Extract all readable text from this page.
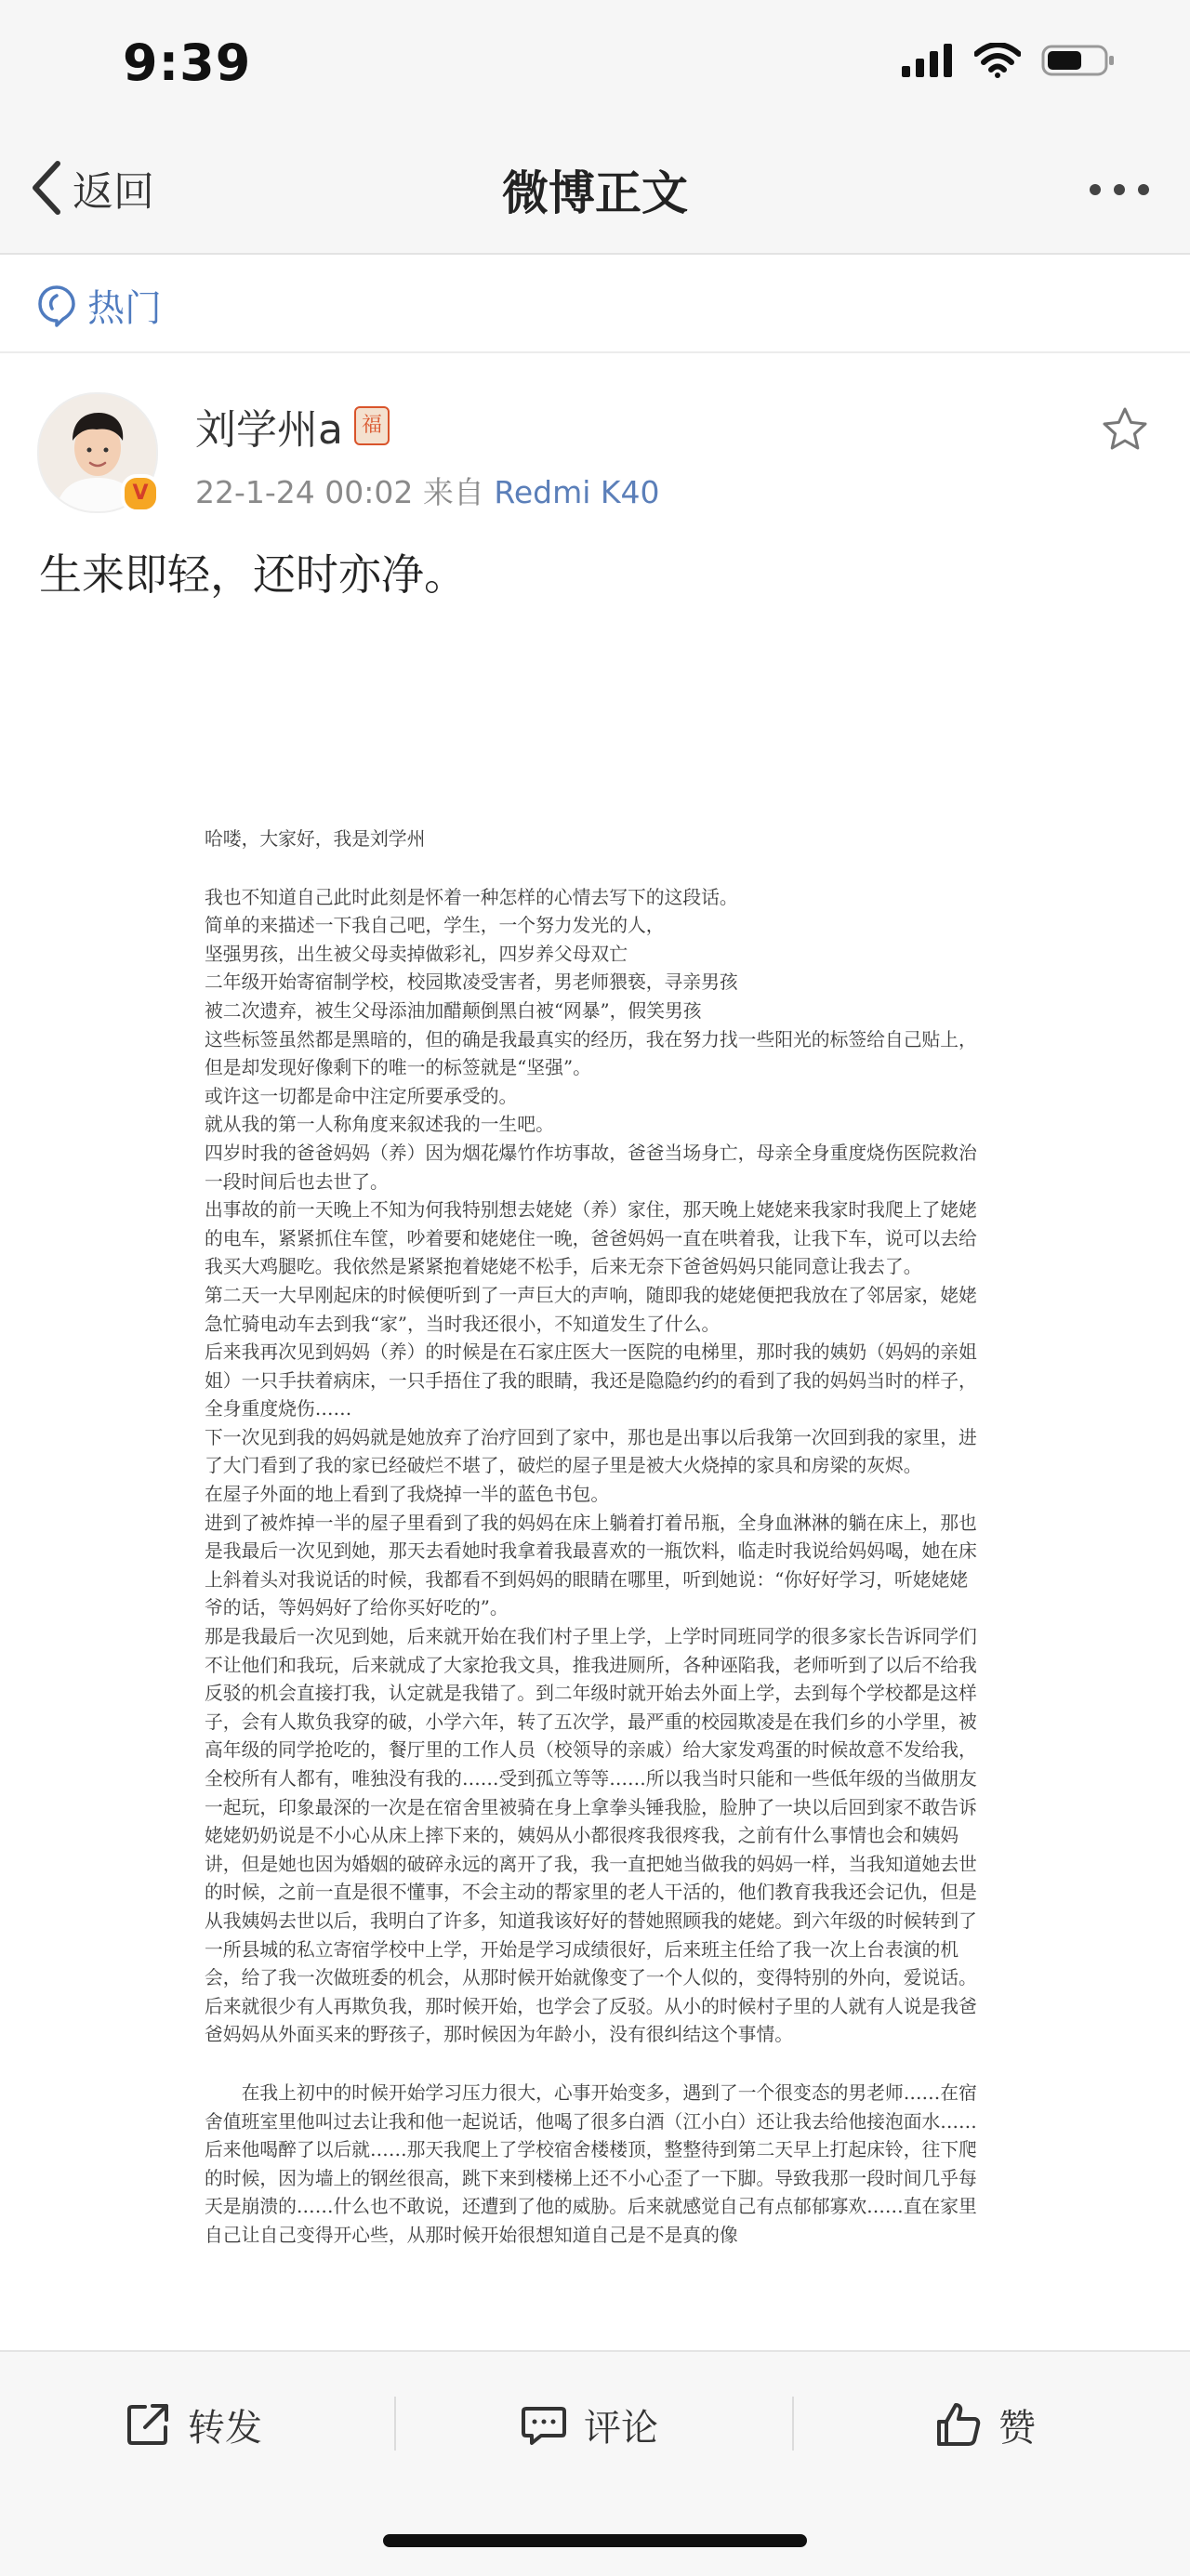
9:39
返回	微博正文
热门
V
刘学州a 福
22-1-24 00:02 来自 Redmi K40
生来即轻，还时亦净。

哈喽，大家好，我是刘学州

我也不知道自己此时此刻是怀着一种怎样的心情去写下的这段话。

简单的来描述一下我自己吧，学生，一个努力发光的人，

坚强男孩，出生被父母卖掉做彩礼，四岁养父母双亡

二年级开始寄宿制学校，校园欺凌受害者，男老师猥亵，寻亲男孩

被二次遗弃，被生父母添油加醋颠倒黑白被“网暴”，假笑男孩

这些标签虽然都是黑暗的，但的确是我最真实的经历，我在努力找一些阳光的标签给自己贴上，但是却发现好像剩下的唯一的标签就是“坚强”。

或许这一切都是命中注定所要承受的。

就从我的第一人称角度来叙述我的一生吧。

四岁时我的爸爸妈妈（养）因为烟花爆竹作坊事故，爸爸当场身亡，母亲全身重度烧伤医院救治一段时间后也去世了。

出事故的前一天晚上不知为何我特别想去姥姥（养）家住，那天晚上姥姥来我家时我爬上了姥姥的电车，紧紧抓住车筐，吵着要和姥姥住一晚，爸爸妈妈一直在哄着我，让我下车，说可以去给我买大鸡腿吃。我依然是紧紧抱着姥姥不松手，后来无奈下爸爸妈妈只能同意让我去了。

第二天一大早刚起床的时候便听到了一声巨大的声响，随即我的姥姥便把我放在了邻居家，姥姥急忙骑电动车去到我“家”，当时我还很小，不知道发生了什么。

后来我再次见到妈妈（养）的时候是在石家庄医大一医院的电梯里，那时我的姨奶（妈妈的亲姐姐）一只手扶着病床，一只手捂住了我的眼睛，我还是隐隐约约的看到了我的妈妈当时的样子，全身重度烧伤……

下一次见到我的妈妈就是她放弃了治疗回到了家中，那也是出事以后我第一次回到我的家里，进了大门看到了我的家已经破烂不堪了，破烂的屋子里是被大火烧掉的家具和房梁的灰烬。

在屋子外面的地上看到了我烧掉一半的蓝色书包。

进到了被炸掉一半的屋子里看到了我的妈妈在床上躺着打着吊瓶，全身血淋淋的躺在床上，那也是我最后一次见到她，那天去看她时我拿着我最喜欢的一瓶饮料，临走时我说给妈妈喝，她在床上斜着头对我说话的时候，我都看不到妈妈的眼睛在哪里，听到她说：“你好好学习，听姥姥姥爷的话，等妈妈好了给你买好吃的”。

那是我最后一次见到她，后来就开始在我们村子里上学，上学时同班同学的很多家长告诉同学们不让他们和我玩，后来就成了大家抢我文具，推我进厕所，各种诬陷我，老师听到了以后不给我反驳的机会直接打我，认定就是我错了。到二年级时就开始去外面上学，去到每个学校都是这样子，会有人欺负我穿的破，小学六年，转了五次学，最严重的校园欺凌是在我们乡的小学里，被高年级的同学抢吃的，餐厅里的工作人员（校领导的亲戚）给大家发鸡蛋的时候故意不发给我，全校所有人都有，唯独没有我的……受到孤立等等……所以我当时只能和一些低年级的当做朋友一起玩，印象最深的一次是在宿舍里被骑在身上拿拳头锤我脸，脸肿了一块以后回到家不敢告诉姥姥奶奶说是不小心从床上摔下来的，姨妈从小都很疼我很疼我，之前有什么事情也会和姨妈讲，但是她也因为婚姻的破碎永远的离开了我，我一直把她当做我的妈妈一样，当我知道她去世的时候，之前一直是很不懂事，不会主动的帮家里的老人干活的，他们教育我我还会记仇，但是从我姨妈去世以后，我明白了许多，知道我该好好的替她照顾我的姥姥。到六年级的时候转到了一所县城的私立寄宿学校中上学，开始是学习成绩很好，后来班主任给了我一次上台表演的机会，给了我一次做班委的机会，从那时候开始就像变了一个人似的，变得特别的外向，爱说话。后来就很少有人再欺负我，那时候开始，也学会了反驳。从小的时候村子里的人就有人说是我爸爸妈妈从外面买来的野孩子，那时候因为年龄小，没有很纠结这个事情。

在我上初中的时候开始学习压力很大，心事开始变多，遇到了一个很变态的男老师……在宿舍值班室里他叫过去让我和他一起说话，他喝了很多白酒（江小白）还让我去给他接泡面水……后来他喝醉了以后就……那天我爬上了学校宿舍楼楼顶，整整待到第二天早上打起床铃，往下爬的时候，因为墙上的钢丝很高，跳下来到楼梯上还不小心歪了一下脚。导致我那一段时间几乎每天是崩溃的……什么也不敢说，还遭到了他的威胁。后来就感觉自己有点郁郁寡欢……直在家里自己让自己变得开心些，从那时候开始很想知道自己是不是真的像

转发	评论	赞
